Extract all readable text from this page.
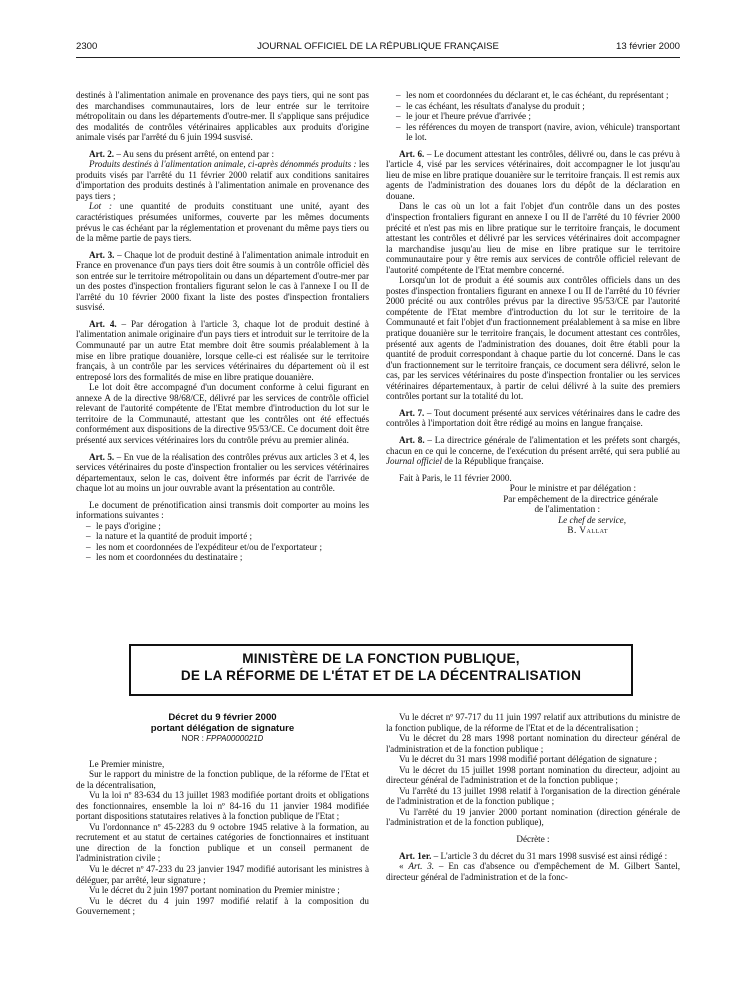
2300	JOURNAL OFFICIEL DE LA RÉPUBLIQUE FRANÇAISE	13 février 2000

destinés à l'alimentation animale en provenance des pays tiers, qui ne sont pas des marchandises communautaires, lors de leur entrée sur le territoire métropolitain ou dans les départements d'outre-mer. Il s'applique sans préjudice des modalités de contrôles vétérinaires applicables aux produits d'origine animale visés par l'arrêté du 6 juin 1994 susvisé.

Art. 2. – Au sens du présent arrêté, on entend par :

Produits destinés à l'alimentation animale, ci-après dénommés produits : les produits visés par l'arrêté du 11 février 2000 relatif aux conditions sanitaires d'importation des produits destinés à l'alimentation animale en provenance des pays tiers ;

Lot : une quantité de produits constituant une unité, ayant des caractéristiques présumées uniformes, couverte par les mêmes documents prévus le cas échéant par la réglementation et provenant du même pays tiers ou de la même partie de pays tiers.

Art. 3. – Chaque lot de produit destiné à l'alimentation animale introduit en France en provenance d'un pays tiers doit être soumis à un contrôle officiel dès son entrée sur le territoire métropolitain ou dans un département d'outre-mer par un des postes d'inspection frontaliers figurant selon le cas à l'annexe I ou II de l'arrêté du 10 février 2000 fixant la liste des postes d'inspection frontaliers susvisé.

Art. 4. – Par dérogation à l'article 3, chaque lot de produit destiné à l'alimentation animale originaire d'un pays tiers et introduit sur le territoire de la Communauté par un autre Etat membre doit être soumis préalablement à la mise en libre pratique douanière, lorsque celle-ci est réalisée sur le territoire français, à un contrôle par les services vétérinaires du département où il est entreposé lors des formalités de mise en libre pratique douanière.

Le lot doit être accompagné d'un document conforme à celui figurant en annexe A de la directive 98/68/CE, délivré par les services de contrôle officiel relevant de l'autorité compétente de l'Etat membre d'introduction du lot sur le territoire de la Communauté, attestant que les contrôles ont été effectués conformément aux dispositions de la directive 95/53/CE. Ce document doit être présenté aux services vétérinaires lors du contrôle prévu au premier alinéa.

Art. 5. – En vue de la réalisation des contrôles prévus aux articles 3 et 4, les services vétérinaires du poste d'inspection frontalier ou les services vétérinaires départementaux, selon le cas, doivent être informés par écrit de l'arrivée de chaque lot au moins un jour ouvrable avant la présentation au contrôle.

Le document de prénotification ainsi transmis doit comporter au moins les informations suivantes :

– le pays d'origine ;
– la nature et la quantité de produit importé ;
– les nom et coordonnées de l'expéditeur et/ou de l'exportateur ;
– les nom et coordonnées du destinataire ;
– les nom et coordonnées du déclarant et, le cas échéant, du représentant ;
– le cas échéant, les résultats d'analyse du produit ;
– le jour et l'heure prévue d'arrivée ;
– les références du moyen de transport (navire, avion, véhicule) transportant le lot.

Art. 6. – Le document attestant les contrôles, délivré ou, dans le cas prévu à l'article 4, visé par les services vétérinaires, doit accompagner le lot jusqu'au lieu de mise en libre pratique douanière sur le territoire français. Il est remis aux agents de l'administration des douanes lors du dépôt de la déclaration en douane.

Dans le cas où un lot a fait l'objet d'un contrôle dans un des postes d'inspection frontaliers figurant en annexe I ou II de l'arrêté du 10 février 2000 précité et n'est pas mis en libre pratique sur le territoire français, le document attestant les contrôles et délivré par les services vétérinaires doit accompagner la marchandise jusqu'au lieu de mise en libre pratique sur le territoire communautaire pour y être remis aux services de contrôle officiel relevant de l'autorité compétente de l'Etat membre concerné.

Lorsqu'un lot de produit a été soumis aux contrôles officiels dans un des postes d'inspection frontaliers figurant en annexe I ou II de l'arrêté du 10 février 2000 précité ou aux contrôles prévus par la directive 95/53/CE par l'autorité compétente de l'Etat membre d'introduction du lot sur le territoire de la Communauté et fait l'objet d'un fractionnement préalablement à sa mise en libre pratique douanière sur le territoire français, le document attestant ces contrôles, présenté aux agents de l'administration des douanes, doit être établi pour la quantité de produit correspondant à chaque partie du lot concerné. Dans le cas d'un fractionnement sur le territoire français, ce document sera délivré, selon le cas, par les services vétérinaires du poste d'inspection frontalier ou les services vétérinaires départementaux, à partir de celui délivré à la suite des premiers contrôles portant sur la totalité du lot.

Art. 7. – Tout document présenté aux services vétérinaires dans le cadre des contrôles à l'importation doit être rédigé au moins en langue française.

Art. 8. – La directrice générale de l'alimentation et les préfets sont chargés, chacun en ce qui le concerne, de l'exécution du présent arrêté, qui sera publié au Journal officiel de la République française.

Fait à Paris, le 11 février 2000.

Pour le ministre et par délégation :

Par empêchement de la directrice générale

de l'alimentation :

Le chef de service,

B. Vallat

MINISTÈRE DE LA FONCTION PUBLIQUE,
DE LA RÉFORME DE L'ÉTAT ET DE LA DÉCENTRALISATION

Décret du 9 février 2000

portant délégation de signature

NOR : FPPA0000021D

Le Premier ministre,

Sur le rapport du ministre de la fonction publique, de la réforme de l'Etat et de la décentralisation,

Vu la loi nº 83-634 du 13 juillet 1983 modifiée portant droits et obligations des fonctionnaires, ensemble la loi nº 84-16 du 11 janvier 1984 modifiée portant dispositions statutaires relatives à la fonction publique de l'Etat ;

Vu l'ordonnance nº 45-2283 du 9 octobre 1945 relative à la formation, au recrutement et au statut de certaines catégories de fonctionnaires et instituant une direction de la fonction publique et un conseil permanent de l'administration civile ;

Vu le décret nº 47-233 du 23 janvier 1947 modifié autorisant les ministres à déléguer, par arrêté, leur signature ;

Vu le décret du 2 juin 1997 portant nomination du Premier ministre ;

Vu le décret du 4 juin 1997 modifié relatif à la composition du Gouvernement ;

Vu le décret nº 97-717 du 11 juin 1997 relatif aux attributions du ministre de la fonction publique, de la réforme de l'Etat et de la décentralisation ;

Vu le décret du 28 mars 1998 portant nomination du directeur général de l'administration et de la fonction publique ;

Vu le décret du 31 mars 1998 modifié portant délégation de signature ;

Vu le décret du 15 juillet 1998 portant nomination du directeur, adjoint au directeur général de l'administration et de la fonction publique ;

Vu l'arrêté du 13 juillet 1998 relatif à l'organisation de la direction générale de l'administration et de la fonction publique ;

Vu l'arrêté du 19 janvier 2000 portant nomination (direction générale de l'administration et de la fonction publique),

Décrète :

Art. 1er. – L'article 3 du décret du 31 mars 1998 susvisé est ainsi rédigé :

« Art. 3. – En cas d'absence ou d'empêchement de M. Gilbert Santel, directeur général de l'administration et de la fonc-
